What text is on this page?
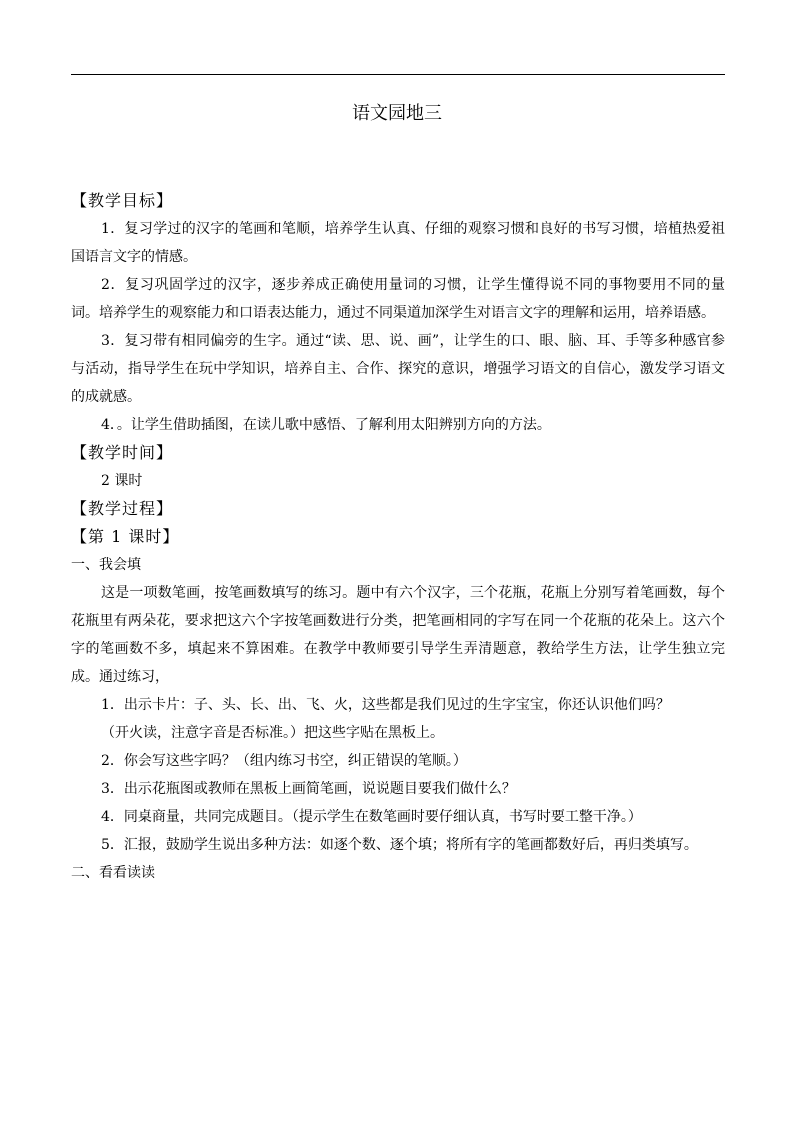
语文园地三
【教学目标】

1．复习学过的汉字的笔画和笔顺，培养学生认真、仔细的观察习惯和良好的书写习惯，培植热爱祖国语言文字的情感。

2．复习巩固学过的汉字，逐步养成正确使用量词的习惯，让学生懂得说不同的事物要用不同的量词。培养学生的观察能力和口语表达能力，通过不同渠道加深学生对语言文字的理解和运用，培养语感。

3．复习带有相同偏旁的生字。通过“读、思、说、画”，让学生的口、眼、脑、耳、手等多种感官参与活动，指导学生在玩中学知识，培养自主、合作、探究的意识，增强学习语文的自信心，激发学习语文的成就感。

4．。让学生借助插图，在读儿歌中感悟、了解利用太阳辨别方向的方法。

【教学时间】
2 课时
【教学过程】
【第 1 课时】
一、我会填

这是一项数笔画，按笔画数填写的练习。题中有六个汉字，三个花瓶，花瓶上分别写着笔画数，每个花瓶里有两朵花，要求把这六个字按笔画数进行分类，把笔画相同的字写在同一个花瓶的花朵上。这六个字的笔画数不多，填起来不算困难。在教学中教师要引导学生弄清题意，教给学生方法，让学生独立完成。通过练习，

1．出示卡片：子、头、长、出、飞、火，这些都是我们见过的生字宝宝，你还认识他们吗？

（开火读，注意字音是否标准。）把这些字贴在黑板上。

2．你会写这些字吗？（组内练习书空，纠正错误的笔顺。）

3．出示花瓶图或教师在黑板上画简笔画，说说题目要我们做什么？

4．同桌商量，共同完成题目。（提示学生在数笔画时要仔细认真，书写时要工整干净。）

5．汇报，鼓励学生说出多种方法：如逐个数、逐个填；将所有字的笔画都数好后，再归类填写。

二、看看读读
